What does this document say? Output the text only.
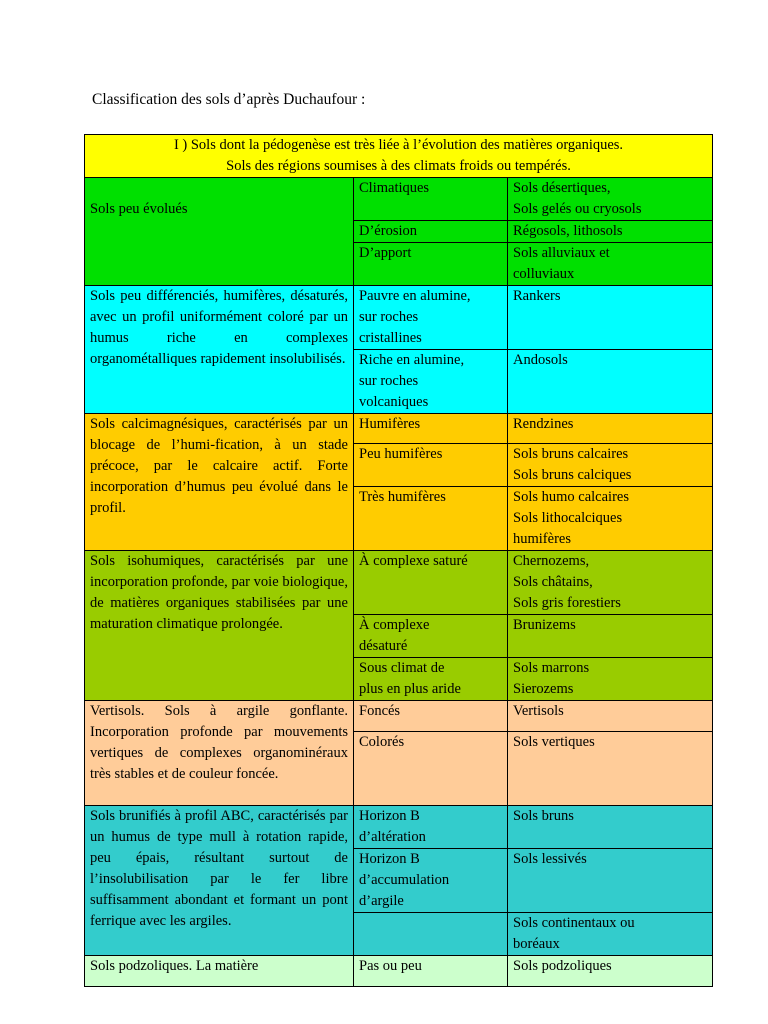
Classification des sols d’après Duchaufour :
I ) Sols dont la pédogenèse est très liée à l’évolution des matières organiques.
Sols des régions soumises à des climats froids ou tempérés.		
Sols peu évolués	Climatiques	Sols désertiques,
Sols gelés ou cryosols
	D’érosion	Régosols, lithosols
	D’apport	Sols alluviaux et
colluviaux
Sols peu différenciés, humifères, désaturés, avec un profil uniformément coloré par un humus riche en complexes organométalliques rapidement insolubilisés.	Pauvre en alumine,
sur roches
cristallines	Rankers
	Riche en alumine,
sur roches
volcaniques	Andosols
Sols calcimagnésiques, caractérisés par un blocage de l’humi-fication, à un stade précoce, par le calcaire actif. Forte incorporation d’humus peu évolué dans le profil.	Humifères	Rendzines
	Peu humifères	Sols bruns calcaires
Sols bruns calciques
	Très humifères	Sols humo calcaires
Sols lithocalciques
humifères
Sols isohumiques, caractérisés par une incorporation profonde, par voie biologique, de matières organiques stabilisées par une maturation climatique prolongée.	À complexe saturé	Chernozems,
Sols châtains,
Sols gris forestiers
	À complexe
désaturé	Brunizems
	Sous climat de
plus en plus aride	Sols marrons
Sierozems
Vertisols. Sols à argile gonflante. Incorporation profonde par mouvements vertiques de complexes organominéraux très stables et de couleur foncée.	Foncés	Vertisols
	Colorés	Sols vertiques
Sols brunifiés à profil ABC, caractérisés par un humus de type mull à rotation rapide, peu épais, résultant surtout de l’insolubilisation par le fer libre suffisamment abondant et formant un pont ferrique avec les argiles.	Horizon B
d’altération	Sols bruns
	Horizon B
d’accumulation
d’argile	Sols lessivés
		Sols continentaux ou
boréaux
Sols podzoliques. La matière	Pas ou peu	Sols podzoliques
